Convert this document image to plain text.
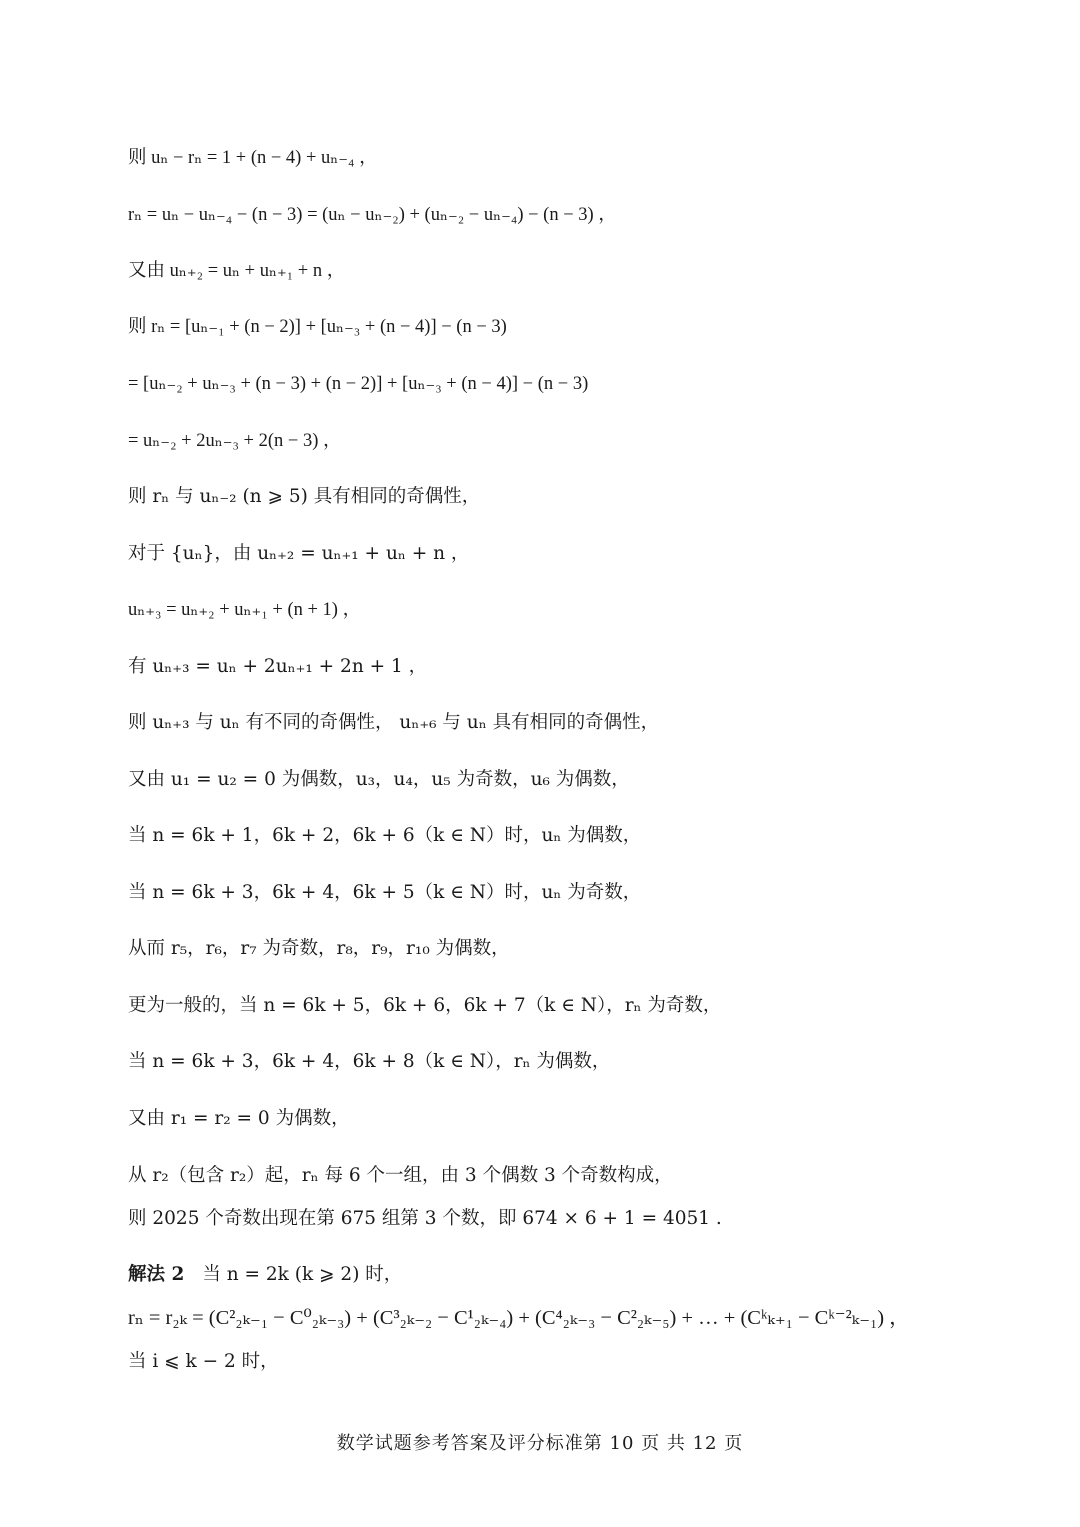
则 uₙ − rₙ = 1 + (n − 4) + uₙ₋₄ ，
rₙ = uₙ − uₙ₋₄ − (n − 3) = (uₙ − uₙ₋₂) + (uₙ₋₂ − uₙ₋₄) − (n − 3) ，
又由 uₙ₊₂ = uₙ + uₙ₊₁ + n ，
则 rₙ = [uₙ₋₁ + (n − 2)] + [uₙ₋₃ + (n − 4)] − (n − 3)
= [uₙ₋₂ + uₙ₋₃ + (n − 3) + (n − 2)] + [uₙ₋₃ + (n − 4)] − (n − 3)
= uₙ₋₂ + 2uₙ₋₃ + 2(n − 3) ，
则 rₙ 与 uₙ₋₂ (n ⩾ 5) 具有相同的奇偶性，
对于 {uₙ}，由 uₙ₊₂ = uₙ₊₁ + uₙ + n ，
uₙ₊₃ = uₙ₊₂ + uₙ₊₁ + (n + 1) ，
有 uₙ₊₃ = uₙ + 2uₙ₊₁ + 2n + 1 ，
则 uₙ₊₃ 与 uₙ 有不同的奇偶性， uₙ₊₆ 与 uₙ 具有相同的奇偶性，
又由 u₁ = u₂ = 0 为偶数，u₃，u₄，u₅ 为奇数，u₆ 为偶数，
当 n = 6k + 1，6k + 2，6k + 6（k ∈ N）时，uₙ 为偶数，
当 n = 6k + 3，6k + 4，6k + 5（k ∈ N）时，uₙ 为奇数，
从而 r₅，r₆，r₇ 为奇数，r₈，r₉，r₁₀ 为偶数，
更为一般的，当 n = 6k + 5，6k + 6，6k + 7（k ∈ N），rₙ 为奇数，
当 n = 6k + 3，6k + 4，6k + 8（k ∈ N），rₙ 为偶数，
又由 r₁ = r₂ = 0 为偶数，
从 r₂（包含 r₂）起，rₙ 每 6 个一组，由 3 个偶数 3 个奇数构成，
则 2025 个奇数出现在第 675 组第 3 个数，即 674 × 6 + 1 = 4051 .
解法 2 当 n = 2k (k ⩾ 2) 时，
rₙ = r₂ₖ = (C²₂ₖ₋₁ − C⁰₂ₖ₋₃) + (C³₂ₖ₋₂ − C¹₂ₖ₋₄) + (C⁴₂ₖ₋₃ − C²₂ₖ₋₅) + … + (Cᵏₖ₊₁ − Cᵏ⁻²ₖ₋₁) ，
当 i ⩽ k − 2 时，
数学试题参考答案及评分标准第 10 页 共 12 页
